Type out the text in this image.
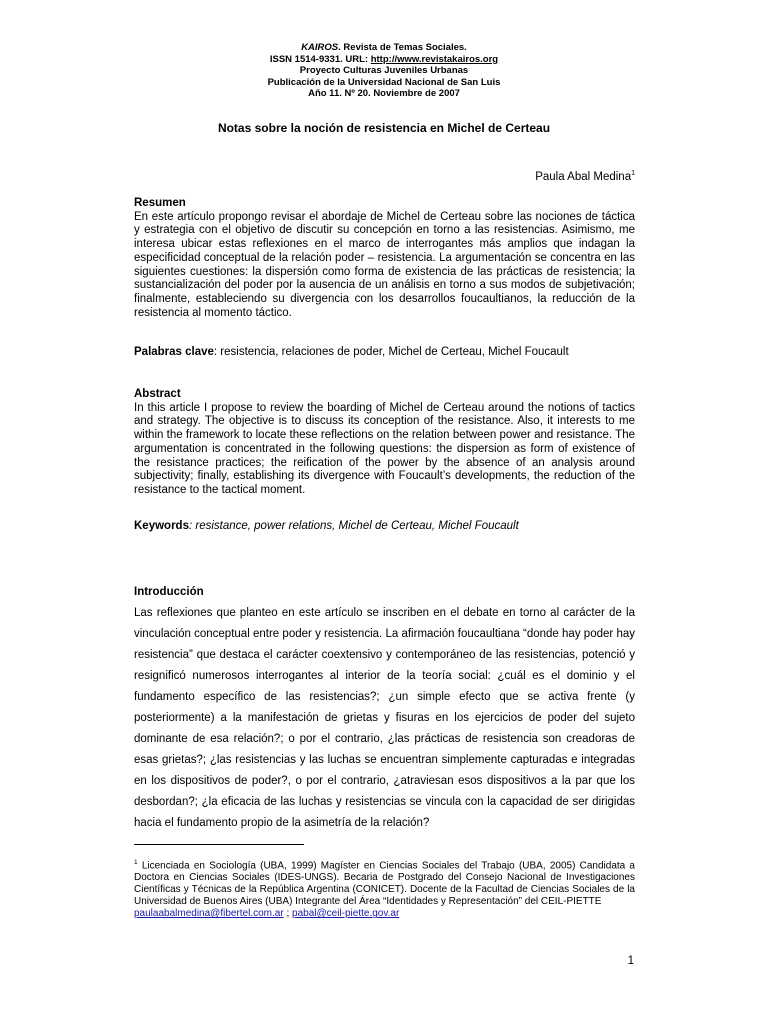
KAIROS. Revista de Temas Sociales.
ISSN 1514-9331. URL: http://www.revistakairos.org
Proyecto Culturas Juveniles Urbanas
Publicación de la Universidad Nacional de San Luis
Año 11. Nº 20. Noviembre de 2007
Notas sobre la noción de resistencia en Michel de Certeau
Paula Abal Medina$^1$
Resumen

En este artículo propongo revisar el abordaje de Michel de Certeau sobre las nociones de táctica y estrategia con el objetivo de discutir su concepción en torno a las resistencias. Asimismo, me interesa ubicar estas reflexiones en el marco de interrogantes más amplios que indagan la especificidad conceptual de la relación poder – resistencia. La argumentación se concentra en las siguientes cuestiones: la dispersión como forma de existencia de las prácticas de resistencia; la sustancialización del poder por la ausencia de un análisis en torno a sus modos de subjetivación; finalmente, estableciendo su divergencia con los desarrollos foucaultianos, la reducción de la resistencia al momento táctico.

Palabras clave: resistencia, relaciones de poder, Michel de Certeau, Michel Foucault

Abstract

In this article I propose to review the boarding of Michel de Certeau around the notions of tactics and strategy. The objective is to discuss its conception of the resistance. Also, it interests to me within the framework to locate these reflections on the relation between power and resistance. The argumentation is concentrated in the following questions: the dispersion as form of existence of the resistance practices; the reification of the power by the absence of an analysis around subjectivity; finally, establishing its divergence with Foucault’s developments, the reduction of the resistance to the tactical moment.

Keywords: resistance, power relations, Michel de Certeau, Michel Foucault

Introducción

Las reflexiones que planteo en este artículo se inscriben en el debate en torno al carácter de la vinculación conceptual entre poder y resistencia. La afirmación foucaultiana “donde hay poder hay resistencia” que destaca el carácter coextensivo y contemporáneo de las resistencias, potenció y resignificó numerosos interrogantes al interior de la teoría social: ¿cuál es el dominio y el fundamento específico de las resistencias?; ¿un simple efecto que se activa frente (y posteriormente) a la manifestación de grietas y fisuras en los ejercicios de poder del sujeto dominante de esa relación?; o por el contrario, ¿las prácticas de resistencia son creadoras de esas grietas?; ¿las resistencias y las luchas se encuentran simplemente capturadas e integradas en los dispositivos de poder?, o por el contrario, ¿atraviesan esos dispositivos a la par que los desbordan?; ¿la eficacia de las luchas y resistencias se vincula con la capacidad de ser dirigidas hacia el fundamento propio de la asimetría de la relación?

$^1$ Licenciada en Sociología (UBA, 1999) Magíster en Ciencias Sociales del Trabajo (UBA, 2005) Candidata a Doctora en Ciencias Sociales (IDES-UNGS). Becaria de Postgrado del Consejo Nacional de Investigaciones Científicas y Técnicas de la República Argentina (CONICET). Docente de la Facultad de Ciencias Sociales de la Universidad de Buenos Aires (UBA) Integrante del Área “Identidades y Representación” del CEIL-PIETTE

paulaabalmedina@fibertel.com.ar ; pabal@ceil-piette.gov.ar

1
